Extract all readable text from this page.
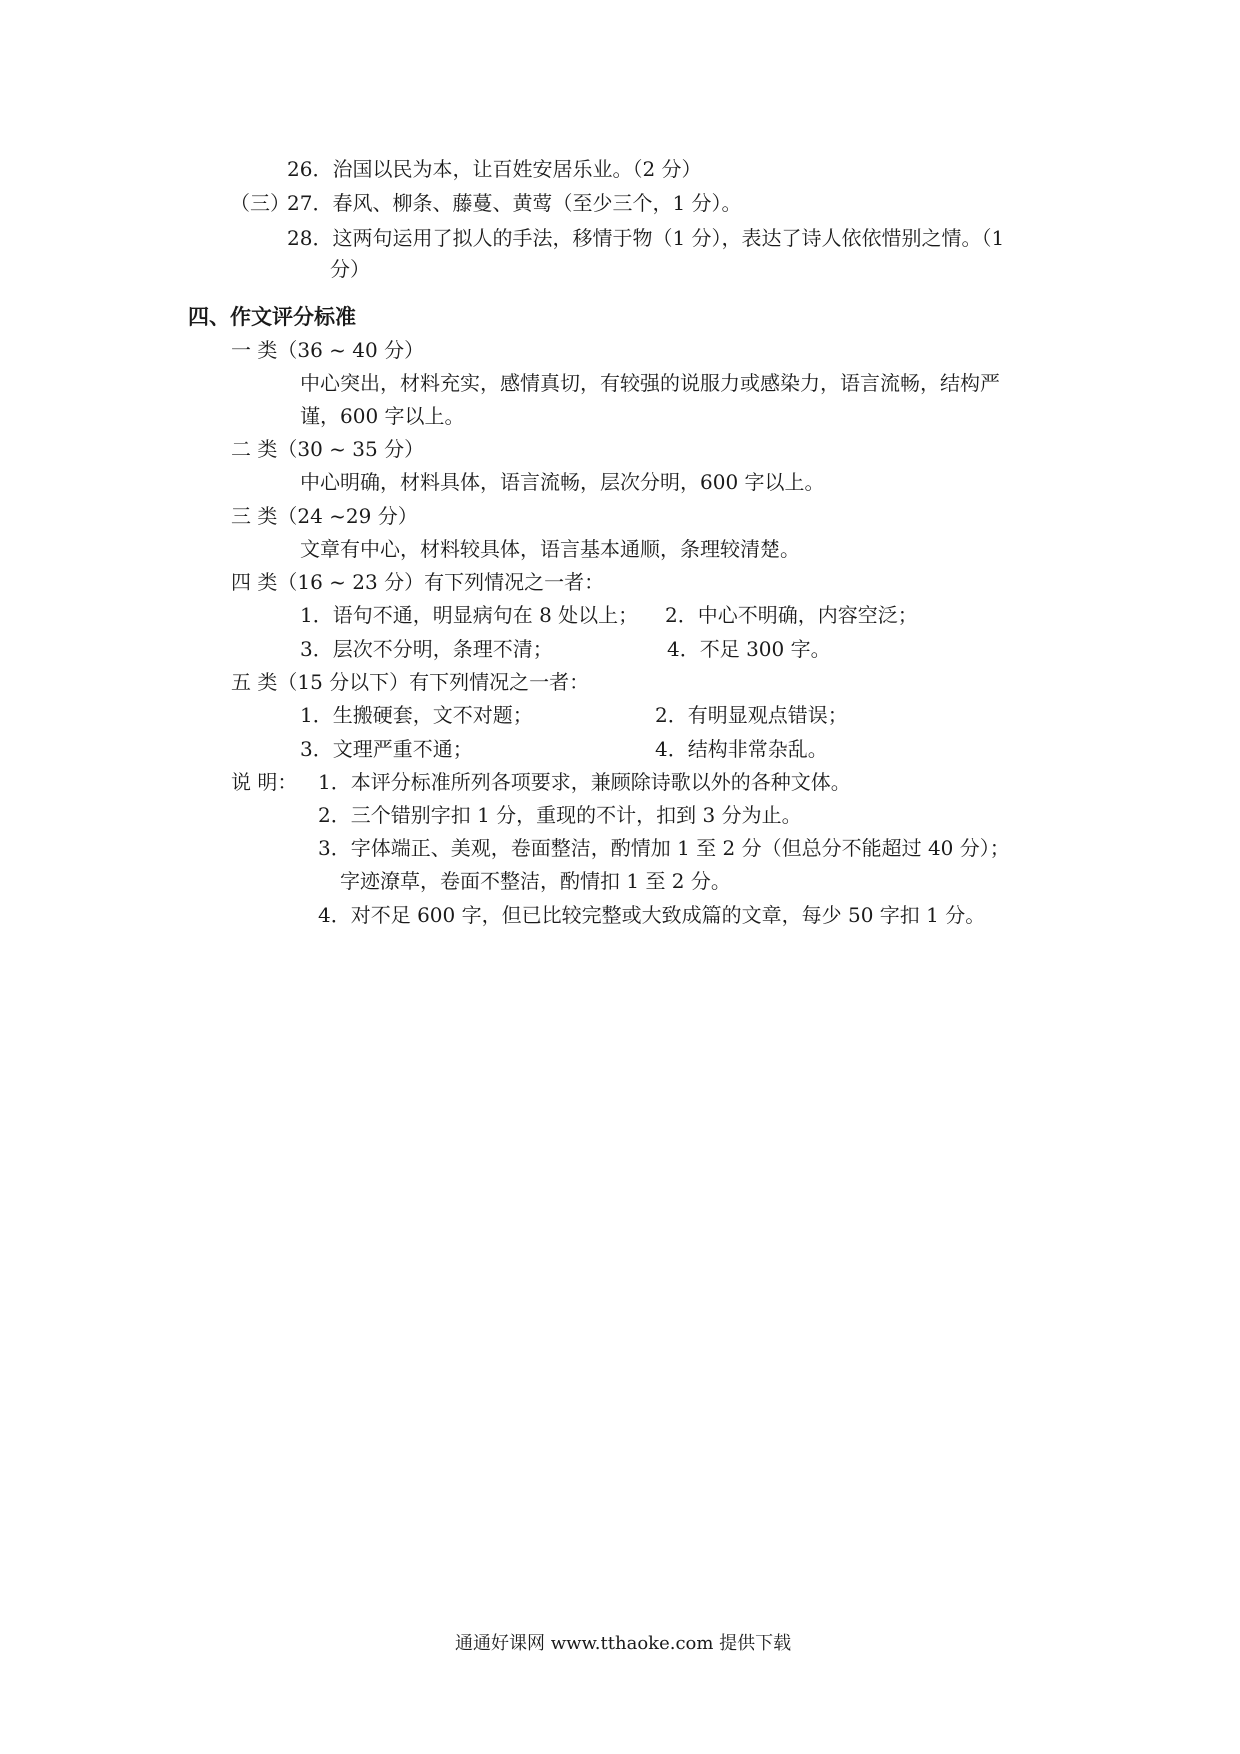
26．治国以民为本，让百姓安居乐业。（2 分）
（三）
27．春风、柳条、藤蔓、黄莺（至少三个，1 分）。
28．这两句运用了拟人的手法，移情于物（1 分），表达了诗人依依惜别之情。（1
分）
四、作文评分标准
一 类（36 ~ 40 分）
中心突出，材料充实，感情真切，有较强的说服力或感染力，语言流畅，结构严
谨，600 字以上。
二 类（30 ~ 35 分）
中心明确，材料具体，语言流畅，层次分明，600 字以上。
三 类（24 ~29 分）
文章有中心，材料较具体，语言基本通顺，条理较清楚。
四 类（16 ~ 23 分）有下列情况之一者：
1．语句不通，明显病句在 8 处以上； 2．中心不明确，内容空泛；
3．层次不分明，条理不清；	4．不足 300 字。
五 类（15 分以下）有下列情况之一者：
1．生搬硬套，文不对题；	2．有明显观点错误；
3．文理严重不通；	4．结构非常杂乱。
说 明： 1．本评分标准所列各项要求，兼顾除诗歌以外的各种文体。
2．三个错别字扣 1 分，重现的不计，扣到 3 分为止。
3．字体端正、美观，卷面整洁，酌情加 1 至 2 分（但总分不能超过 40 分）；
字迹潦草，卷面不整洁，酌情扣 1 至 2 分。
4．对不足 600 字，但已比较完整或大致成篇的文章，每少 50 字扣 1 分。
通通好课网 www.tthaoke.com 提供下载
